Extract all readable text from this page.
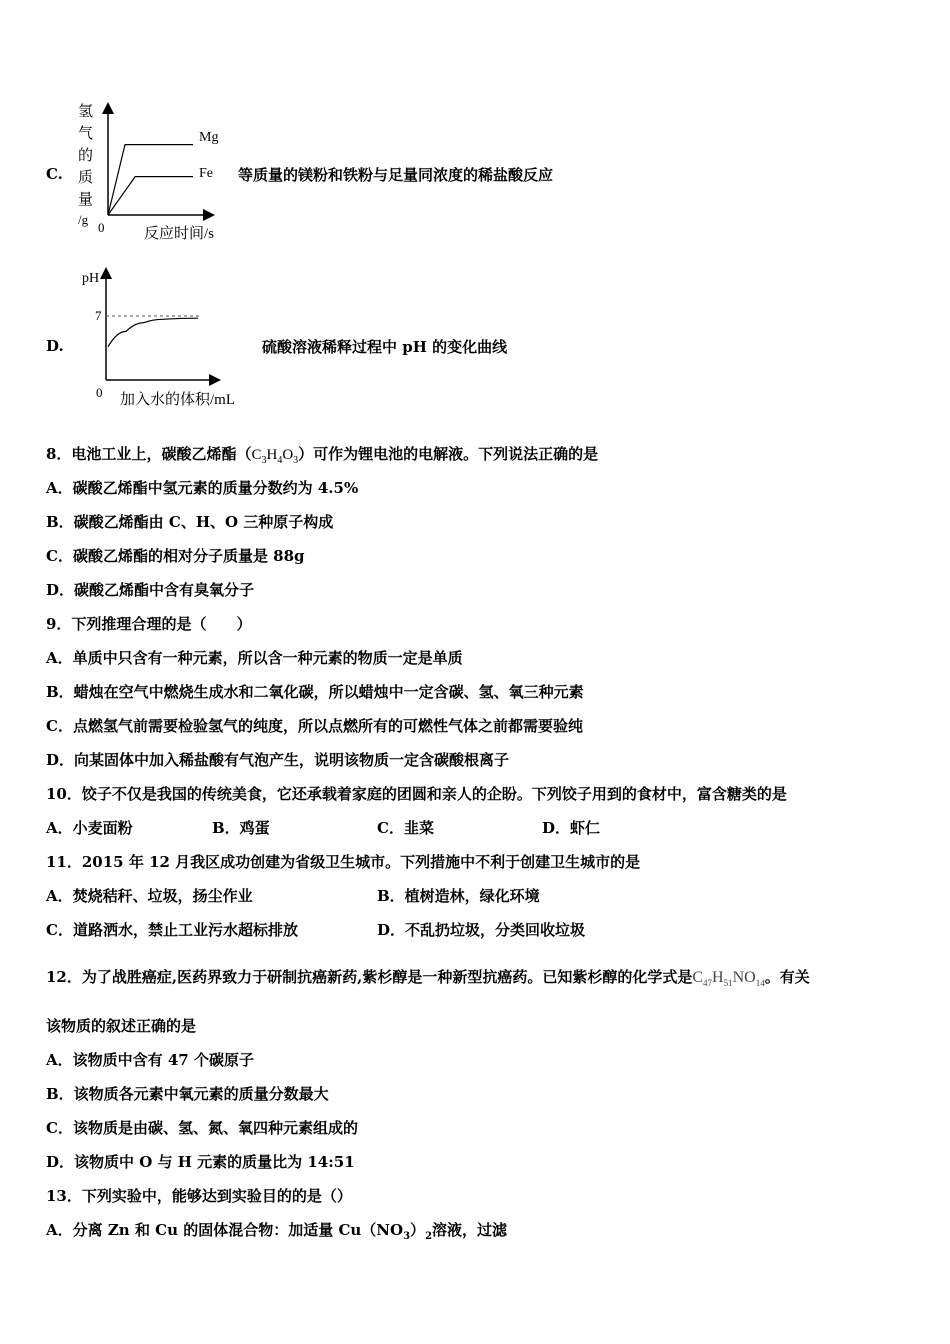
C.
Mg
Fe
0	反应时间/s
氢
气
的
质
量
/g
等质量的镁粉和铁粉与足量同浓度的稀盐酸反应
D.
pH
7
0 加入水的体积/mL
硫酸溶液稀释过程中 pH 的变化曲线
8．电池工业上，碳酸乙烯酯$(C_3H_4O_3)$可作为锂电池的电解液。下列说法正确的是
A．碳酸乙烯酯中氢元素的质量分数约为 4.5%
B．碳酸乙烯酯由 C、H、O 三种原子构成
C．碳酸乙烯酯的相对分子质量是 88g
D．碳酸乙烯酯中含有臭氧分子
9．下列推理合理的是（　　）
A．单质中只含有一种元素，所以含一种元素的物质一定是单质
B．蜡烛在空气中燃烧生成水和二氧化碳，所以蜡烛中一定含碳、氢、氧三种元素
C．点燃氢气前需要检验氢气的纯度，所以点燃所有的可燃性气体之前都需要验纯
D．向某固体中加入稀盐酸有气泡产生，说明该物质一定含碳酸根离子
10．饺子不仅是我国的传统美食，它还承载着家庭的团圆和亲人的企盼。下列饺子用到的食材中，富含糖类的是
A．小麦面粉	B．鸡蛋	C．韭菜	D．虾仁
11．2015 年 12 月我区成功创建为省级卫生城市。下列措施中不利于创建卫生城市的是
A．焚烧秸秆、垃圾，扬尘作业	B．植树造林，绿化环境
C．道路洒水，禁止工业污水超标排放	D．不乱扔垃圾，分类回收垃圾
12．为了战胜癌症,医药界致力于研制抗癌新药,紫杉醇是一种新型抗癌药。已知紫杉醇的化学式是$C_{47}H_{51}NO_{14}$。有关
该物质的叙述正确的是
A．该物质中含有 47 个碳原子
B．该物质各元素中氧元素的质量分数最大
C．该物质是由碳、氢、氮、氧四种元素组成的
D．该物质中 O 与 H 元素的质量比为 14:51
13．下列实验中，能够达到实验目的的是（）
A．分离 Zn 和 Cu 的固体混合物：加适量 $Cu(NO_3)_2$溶液，过滤
